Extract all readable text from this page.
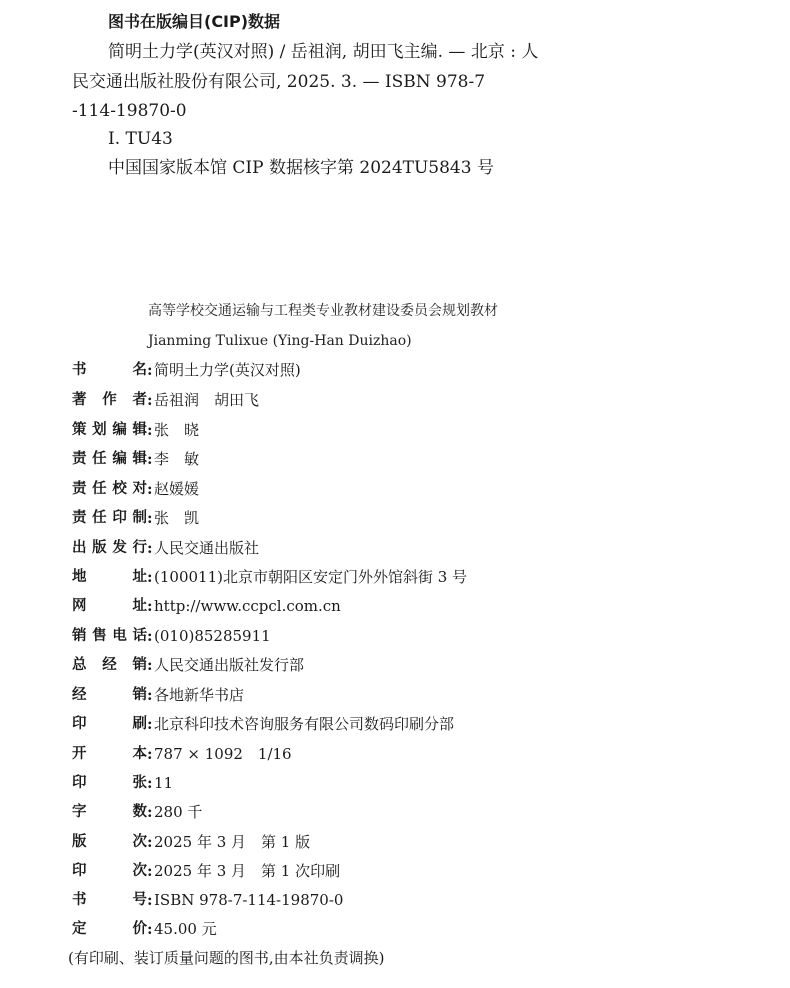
图书在版编目(CIP)数据
简明土力学(英汉对照) / 岳祖润, 胡田飞主编. — 北京 : 人
民交通出版社股份有限公司, 2025. 3. — ISBN 978-7
-114-19870-0
Ⅰ. TU43
中国国家版本馆 CIP 数据核字第 2024TU5843 号
高等学校交通运输与工程类专业教材建设委员会规划教材
Jianming Tulixue (Ying-Han Duizhao)
书名 : 简明土力学(英汉对照)
著作者 : 岳祖润　胡田飞
策划编辑 : 张　晓
责任编辑 : 李　敏
责任校对 : 赵媛媛
责任印制 : 张　凯
出版发行 : 人民交通出版社
地址 : (100011)北京市朝阳区安定门外外馆斜街 3 号
网址 : http://www.ccpcl.com.cn
销售电话 : (010)85285911
总经销 : 人民交通出版社发行部
经销 : 各地新华书店
印刷 : 北京科印技术咨询服务有限公司数码印刷分部
开本 : 787 × 1092　1/16
印张 : 11
字数 : 280 千
版次 : 2025 年 3 月　第 1 版
印次 : 2025 年 3 月　第 1 次印刷
书号 : ISBN 978-7-114-19870-0
定价 : 45.00 元
(有印刷、装订质量问题的图书,由本社负责调换)
